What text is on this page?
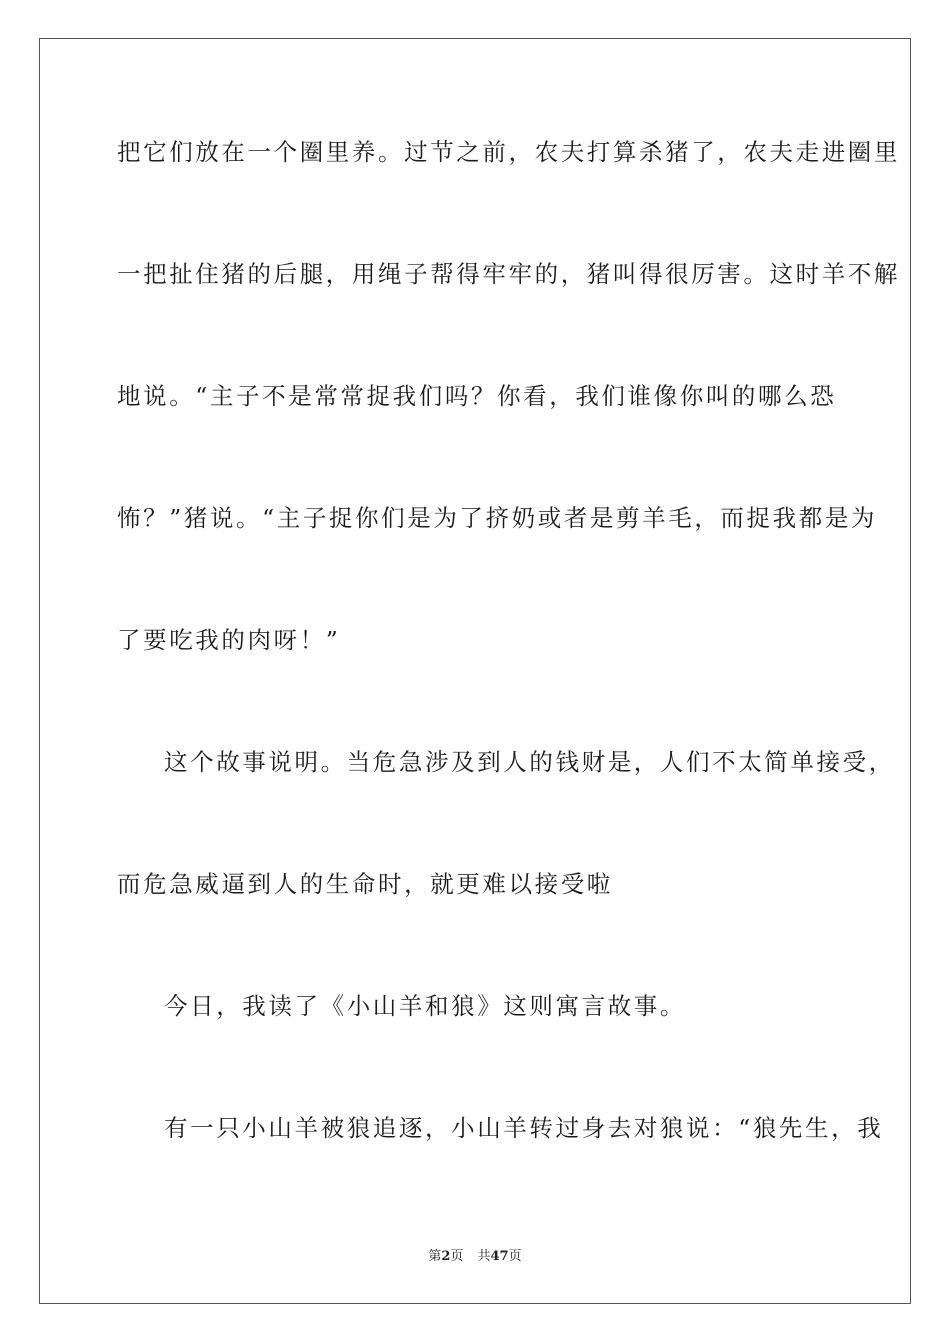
把它们放在一个圈里养。过节之前，农夫打算杀猪了，农夫走进圈里
一把扯住猪的后腿，用绳子帮得牢牢的，猪叫得很厉害。这时羊不解
地说。“主子不是常常捉我们吗？你看，我们谁像你叫的哪么恐
怖？”猪说。“主子捉你们是为了挤奶或者是剪羊毛，而捉我都是为
了要吃我的肉呀！”
这个故事说明。当危急涉及到人的钱财是，人们不太简单接受，
而危急威逼到人的生命时，就更难以接受啦
今日，我读了《小山羊和狼》这则寓言故事。
有一只小山羊被狼追逐，小山羊转过身去对狼说：“狼先生，我
第2页 共47页
